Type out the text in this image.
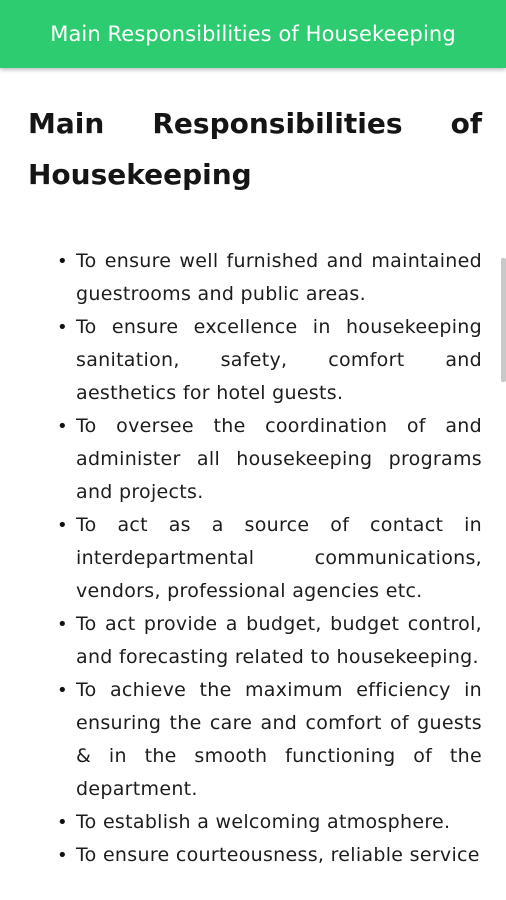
Main Responsibilities of Housekeeping
Main Responsibilities of Housekeeping
• To ensure well furnished and maintained guestrooms and public areas.
• To ensure excellence in housekeeping sanitation, safety, comfort and aesthetics for hotel guests.
• To oversee the coordination of and administer all housekeeping programs and projects.
• To act as a source of contact in interdepartmental communications, vendors, professional agencies etc.
• To act provide a budget, budget control, and forecasting related to housekeeping.
• To achieve the maximum efficiency in ensuring the care and comfort of guests & in the smooth functioning of the department.
• To establish a welcoming atmosphere.
• To ensure courteousness, reliable service
